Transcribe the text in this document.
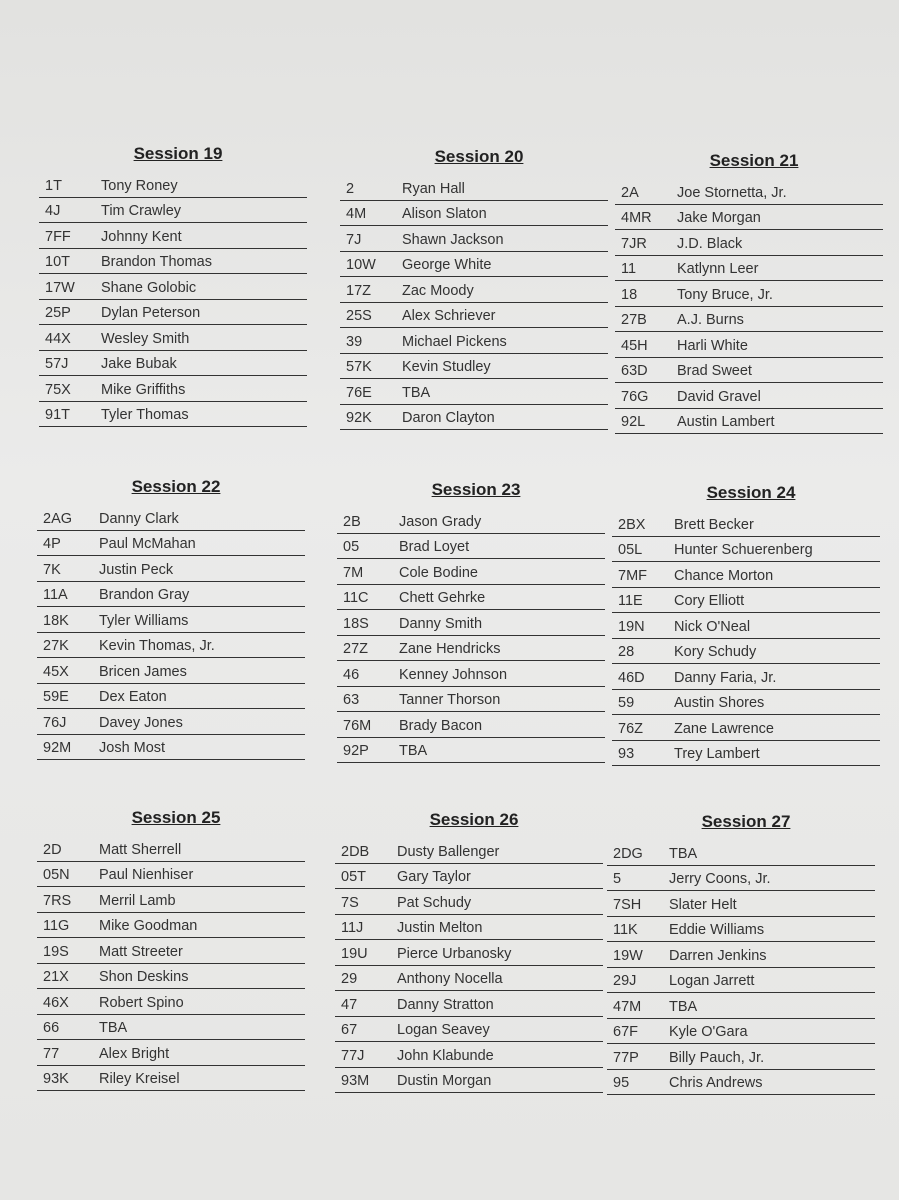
Session 19
1T	Tony Roney
4J	Tim Crawley
7FF	Johnny Kent
10T	Brandon Thomas
17W	Shane Golobic
25P	Dylan Peterson
44X	Wesley Smith
57J	Jake Bubak
75X	Mike Griffiths
91T	Tyler Thomas
Session 20
2	Ryan Hall
4M	Alison Slaton
7J	Shawn Jackson
10W	George White
17Z	Zac Moody
25S	Alex Schriever
39	Michael Pickens
57K	Kevin Studley
76E	TBA
92K	Daron Clayton
Session 21
2A	Joe Stornetta, Jr.
4MR	Jake Morgan
7JR	J.D. Black
11	Katlynn Leer
18	Tony Bruce, Jr.
27B	A.J. Burns
45H	Harli White
63D	Brad Sweet
76G	David Gravel
92L	Austin Lambert
Session 22
2AG	Danny Clark
4P	Paul McMahan
7K	Justin Peck
11A	Brandon Gray
18K	Tyler Williams
27K	Kevin Thomas, Jr.
45X	Bricen James
59E	Dex Eaton
76J	Davey Jones
92M	Josh Most
Session 23
2B	Jason Grady
05	Brad Loyet
7M	Cole Bodine
11C	Chett Gehrke
18S	Danny Smith
27Z	Zane Hendricks
46	Kenney Johnson
63	Tanner Thorson
76M	Brady Bacon
92P	TBA
Session 24
2BX	Brett Becker
05L	Hunter Schuerenberg
7MF	Chance Morton
11E	Cory Elliott
19N	Nick O'Neal
28	Kory Schudy
46D	Danny Faria, Jr.
59	Austin Shores
76Z	Zane Lawrence
93	Trey Lambert
Session 25
2D	Matt Sherrell
05N	Paul Nienhiser
7RS	Merril Lamb
11G	Mike Goodman
19S	Matt Streeter
21X	Shon Deskins
46X	Robert Spino
66	TBA
77	Alex Bright
93K	Riley Kreisel
Session 26
2DB	Dusty Ballenger
05T	Gary Taylor
7S	Pat Schudy
11J	Justin Melton
19U	Pierce Urbanosky
29	Anthony Nocella
47	Danny Stratton
67	Logan Seavey
77J	John Klabunde
93M	Dustin Morgan
Session 27
2DG	TBA
5	Jerry Coons, Jr.
7SH	Slater Helt
11K	Eddie Williams
19W	Darren Jenkins
29J	Logan Jarrett
47M	TBA
67F	Kyle O'Gara
77P	Billy Pauch, Jr.
95	Chris Andrews
